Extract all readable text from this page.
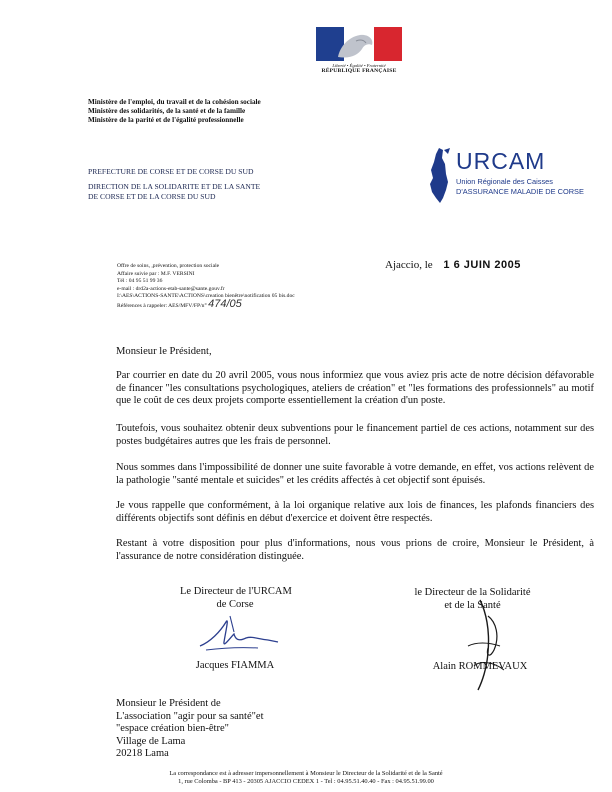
Liberté • Égalité • Fraternité
RÉPUBLIQUE FRANÇAISE
Ministère de l'emploi, du travail et de la cohésion sociale
Ministère des solidarités, de la santé et de la famille
Ministère de la parité et de l'égalité professionnelle
PREFECTURE DE CORSE ET DE CORSE DU SUD
DIRECTION DE LA SOLIDARITE ET DE LA SANTE
DE CORSE ET DE LA CORSE DU SUD
URCAM
Union Régionale des Caisses
D'ASSURANCE MALADIE DE CORSE
Ajaccio, le 1 6 JUIN 2005
Offre de soins, ,prévention, protection sociale
Affaire suivie par : M.F. VERSINI
Tél : 04 95 51 99 36
e-mail : drd2a-actions-etab-sante@sante.gouv.fr
I:\AES\ACTIONS-SANTE\ACTIONS\creation bienêtre\notification 05 bis.doc
Références à rappeler: AES/MFV/FP/n° 474/05
Monsieur le Président,
Par courrier en date du 20 avril 2005, vous nous informiez que vous aviez pris acte de notre décision défavorable de financer "les consultations psychologiques, ateliers de création" et "les formations des professionnels" au motif que le coût de ces deux projets comporte essentiellement la création d'un poste.
Toutefois, vous souhaitez obtenir deux subventions pour le financement partiel de ces actions, notamment sur des postes budgétaires autres que les frais de personnel.
Nous sommes dans l'impossibilité de donner une suite favorable à votre demande, en effet, vos actions relèvent de la pathologie "santé mentale et suicides" et les crédits affectés à cet objectif sont épuisés.
Je vous rappelle que conformément, à la loi organique relative aux lois de finances, les plafonds financiers des différents objectifs sont définis en début d'exercice et doivent être respectés.
Restant à votre disposition pour plus d'informations, nous vous prions de croire, Monsieur le Président, à l'assurance de notre considération distinguée.
Le Directeur de l'URCAM
de Corse
Jacques FIAMMA
le Directeur de la Solidarité
et de la Santé
Alain ROMMEVAUX
Monsieur le Président de
L'association "agir pour sa santé"et
"espace création bien-être"
Village de Lama
20218 Lama
La correspondance est à adresser impersonnellement à Monsieur le Directeur de la Solidarité et de la Santé
1, rue Colomba - BP 413 - 20305 AJACCIO CEDEX 1 - Tel : 04.95.51.40.40 - Fax : 04.95.51.99.00
